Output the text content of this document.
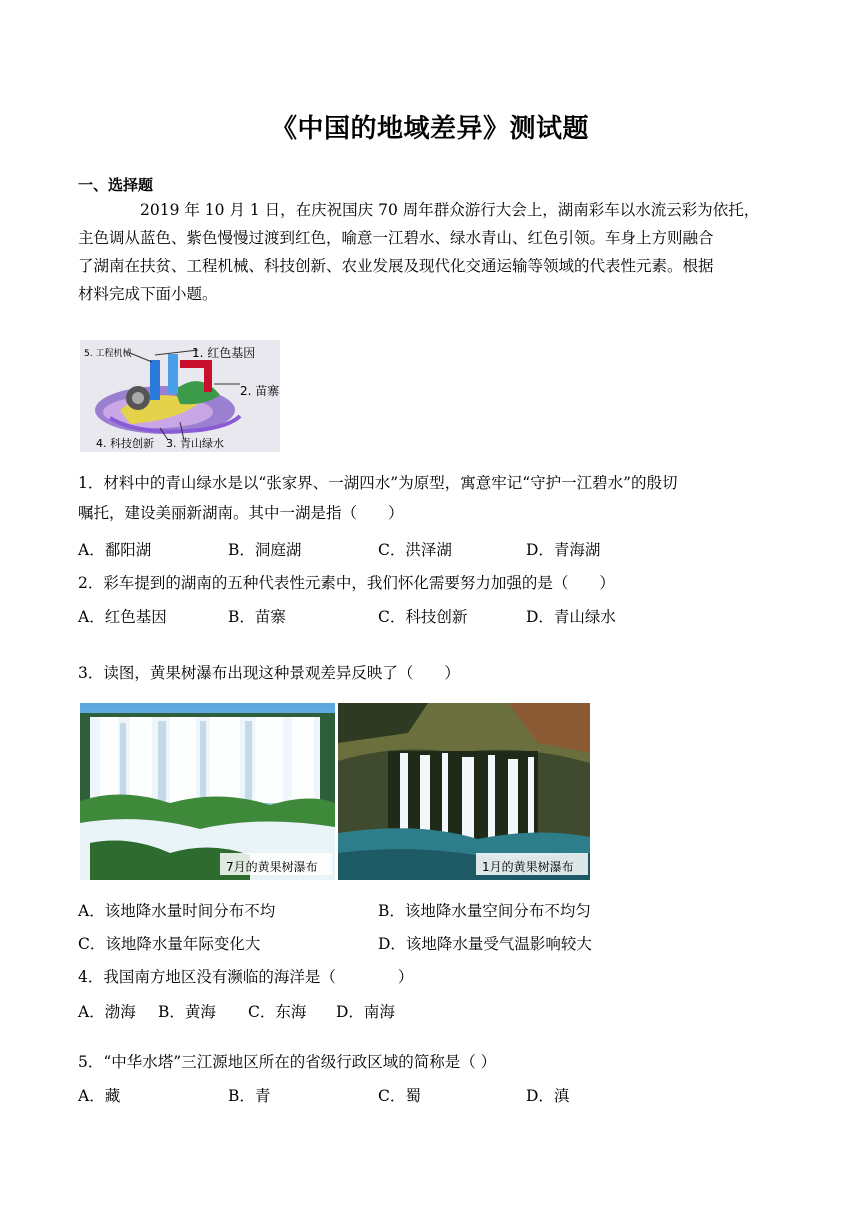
《中国的地域差异》测试题
一、选择题
2019 年 10 月 1 日，在庆祝国庆 70 周年群众游行大会上，湖南彩车以水流云彩为依托，
主色调从蓝色、紫色慢慢过渡到红色，喻意一江碧水、绿水青山、红色引领。车身上方则融合
了湖南在扶贫、工程机械、科技创新、农业发展及现代化交通运输等领域的代表性元素。根据
材料完成下面小题。
5. 工程机械	1. 红色基因
2. 苗寨
4. 科技创新 3. 青山绿水
1．材料中的青山绿水是以“张家界、一湖四水”为原型，寓意牢记“守护一江碧水”的殷切
嘱托，建设美丽新湖南。其中一湖是指（　　）
A．鄱阳湖	B．洞庭湖	C．洪泽湖	D．青海湖
2．彩车提到的湖南的五种代表性元素中，我们怀化需要努力加强的是（　　）
A．红色基因	B．苗寨	C．科技创新	D．青山绿水
3．读图，黄果树瀑布出现这种景观差异反映了（　　）
7月的黄果树瀑布	1月的黄果树瀑布
A．该地降水量时间分布不均	B．该地降水量空间分布不均匀
C．该地降水量年际变化大	D．该地降水量受气温影响较大
4．我国南方地区没有濒临的海洋是（　　　　）
A．渤海 B．黄海 C．东海 D．南海
5．“中华水塔”三江源地区所在的省级行政区域的简称是（ ）
A．藏	B．青	C．蜀	D．滇
